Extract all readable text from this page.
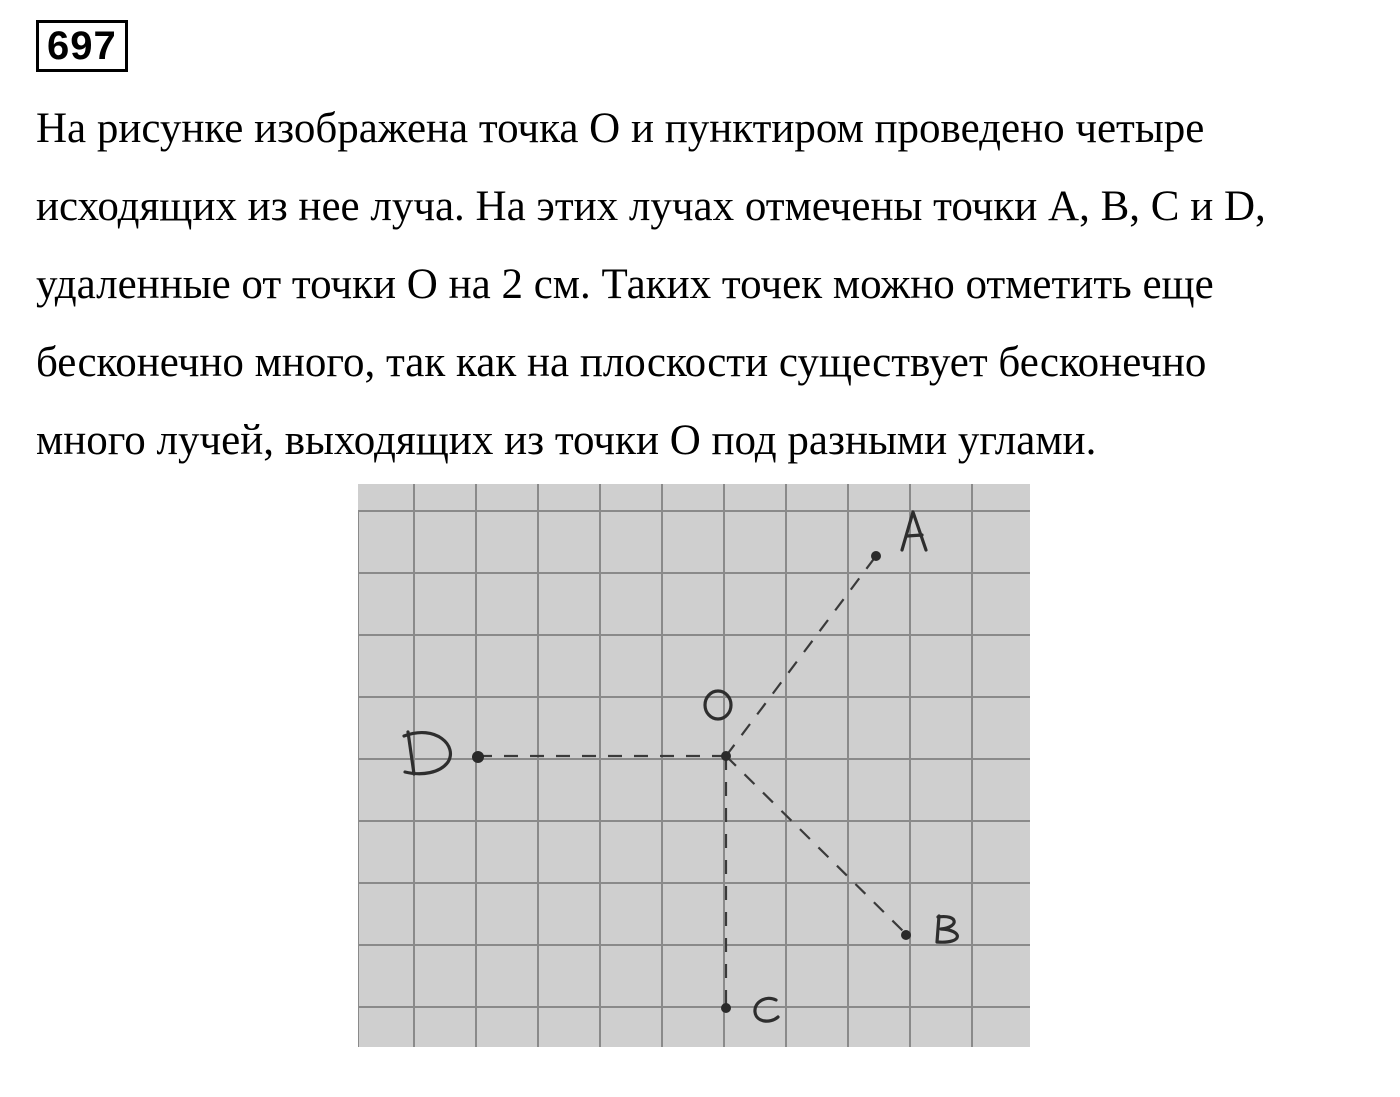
697

На рисунке изображена точка O и пунктиром проведено четыре
исходящих из нее луча. На этих лучах отмечены точки A, B, C и D,
удаленные от точки O на 2 см. Таких точек можно отметить еще
бесконечно много, так как на плоскости существует бесконечно
много лучей, выходящих из точки O под разными углами.
